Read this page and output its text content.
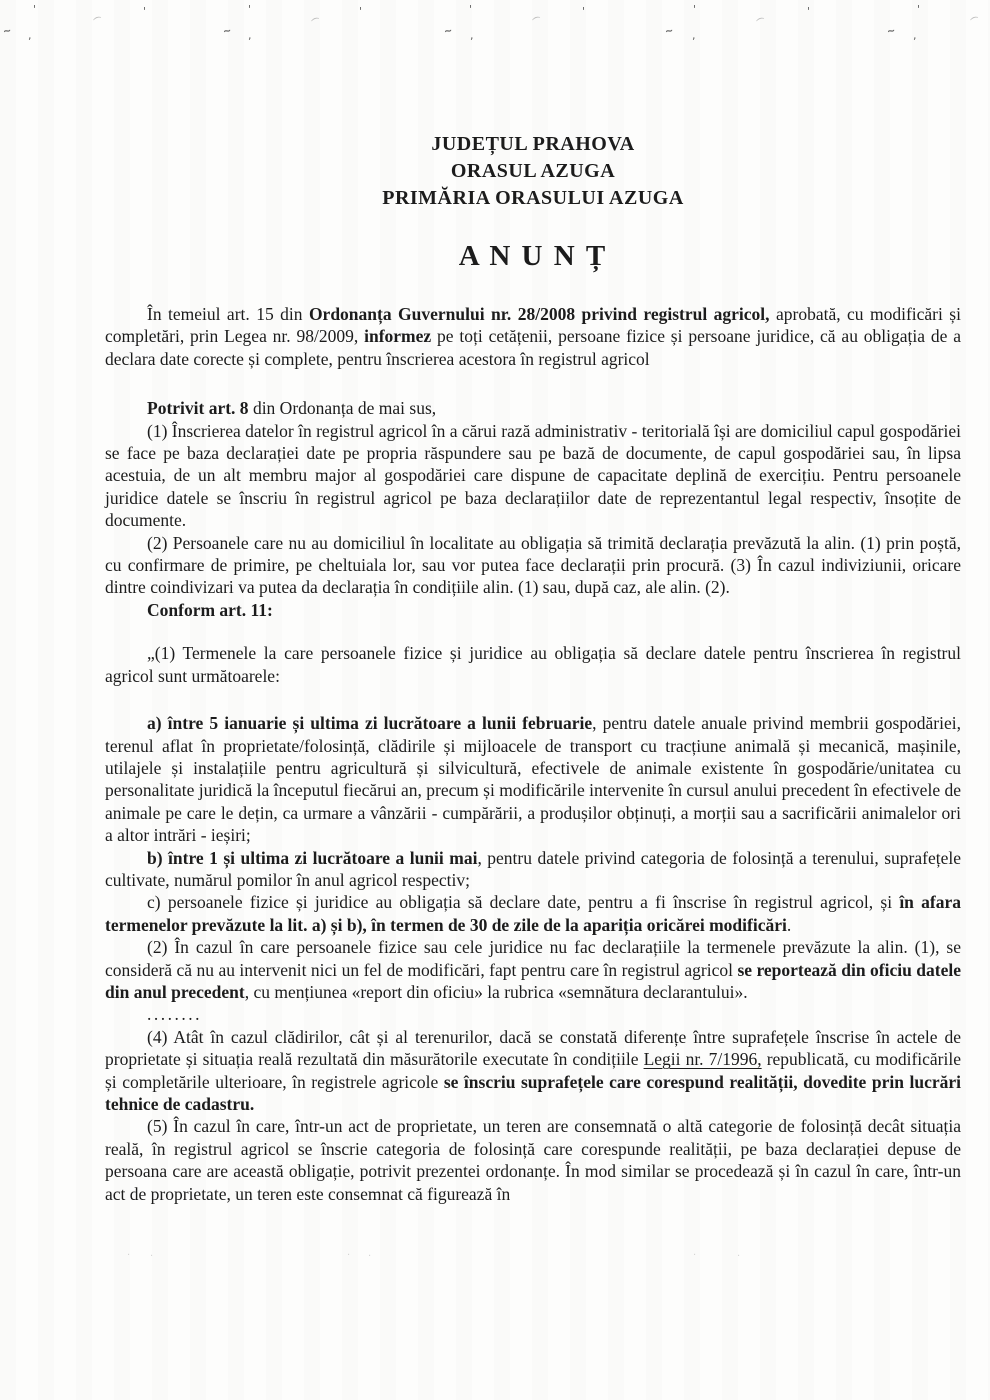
'	'	'	'	'	'	'	'	'
(	(	(	(	(
~	~	~	~	~
,	,	,	,	,
. .	. .	.	.
JUDEȚUL PRAHOVA
ORASUL AZUGA
PRIMĂRIA ORASULUI AZUGA
A N U N Ț

În temeiul art. 15 din Ordonanța Guvernului nr. 28/2008 privind registrul agricol, aprobată, cu modificări și completări, prin Legea nr. 98/2009, informez pe toți cetățenii, persoane fizice și persoane juridice, că au obligația de a declara date corecte și complete, pentru înscrierea acestora în registrul agricol

Potrivit art. 8 din Ordonanța de mai sus,

(1) Înscrierea datelor în registrul agricol în a cărui rază administrativ - teritorială își are domiciliul capul gospodăriei se face pe baza declarației date pe propria răspundere sau pe bază de documente, de capul gospodăriei sau, în lipsa acestuia, de un alt membru major al gospodăriei care dispune de capacitate deplină de exercițiu. Pentru persoanele juridice datele se înscriu în registrul agricol pe baza declarațiilor date de reprezentantul legal respectiv, însoțite de documente.

(2) Persoanele care nu au domiciliul în localitate au obligația să trimită declarația prevăzută la alin. (1) prin poștă, cu confirmare de primire, pe cheltuiala lor, sau vor putea face declarații prin procură. (3) În cazul indiviziunii, oricare dintre coindivizari va putea da declarația în condițiile alin. (1) sau, după caz, ale alin. (2).

Conform art. 11:

„(1) Termenele la care persoanele fizice și juridice au obligația să declare datele pentru înscrierea în registrul agricol sunt următoarele:

a) între 5 ianuarie și ultima zi lucrătoare a lunii februarie, pentru datele anuale privind membrii gospodăriei, terenul aflat în proprietate/folosință, clădirile și mijloacele de transport cu tracțiune animală și mecanică, mașinile, utilajele și instalațiile pentru agricultură și silvicultură, efectivele de animale existente în gospodărie/unitatea cu personalitate juridică la începutul fiecărui an, precum și modificările intervenite în cursul anului precedent în efectivele de animale pe care le dețin, ca urmare a vânzării - cumpărării, a produșilor obținuți, a morții sau a sacrificării animalelor ori a altor intrări - ieșiri;

b) între 1 și ultima zi lucrătoare a lunii mai, pentru datele privind categoria de folosință a terenului, suprafețele cultivate, numărul pomilor în anul agricol respectiv;

c) persoanele fizice și juridice au obligația să declare date, pentru a fi înscrise în registrul agricol, și în afara termenelor prevăzute la lit. a) și b), în termen de 30 de zile de la apariția oricărei modificări.

(2) În cazul în care persoanele fizice sau cele juridice nu fac declarațiile la termenele prevăzute la alin. (1), se consideră că nu au intervenit nici un fel de modificări, fapt pentru care în registrul agricol se reportează din oficiu datele din anul precedent, cu mențiunea «report din oficiu» la rubrica «semnătura declarantului».

........

(4) Atât în cazul clădirilor, cât și al terenurilor, dacă se constată diferențe între suprafețele înscrise în actele de proprietate și situația reală rezultată din măsurătorile executate în condițiile Legii nr. 7/1996, republicată, cu modificările și completările ulterioare, în registrele agricole se înscriu suprafețele care corespund realității, dovedite prin lucrări tehnice de cadastru.

(5) În cazul în care, într-un act de proprietate, un teren are consemnată o altă categorie de folosință decât situația reală, în registrul agricol se înscrie categoria de folosință care corespunde realității, pe baza declarației depuse de persoana care are această obligație, potrivit prezentei ordonanțe. În mod similar se procedează și în cazul în care, într-un act de proprietate, un teren este consemnat că figurează în
